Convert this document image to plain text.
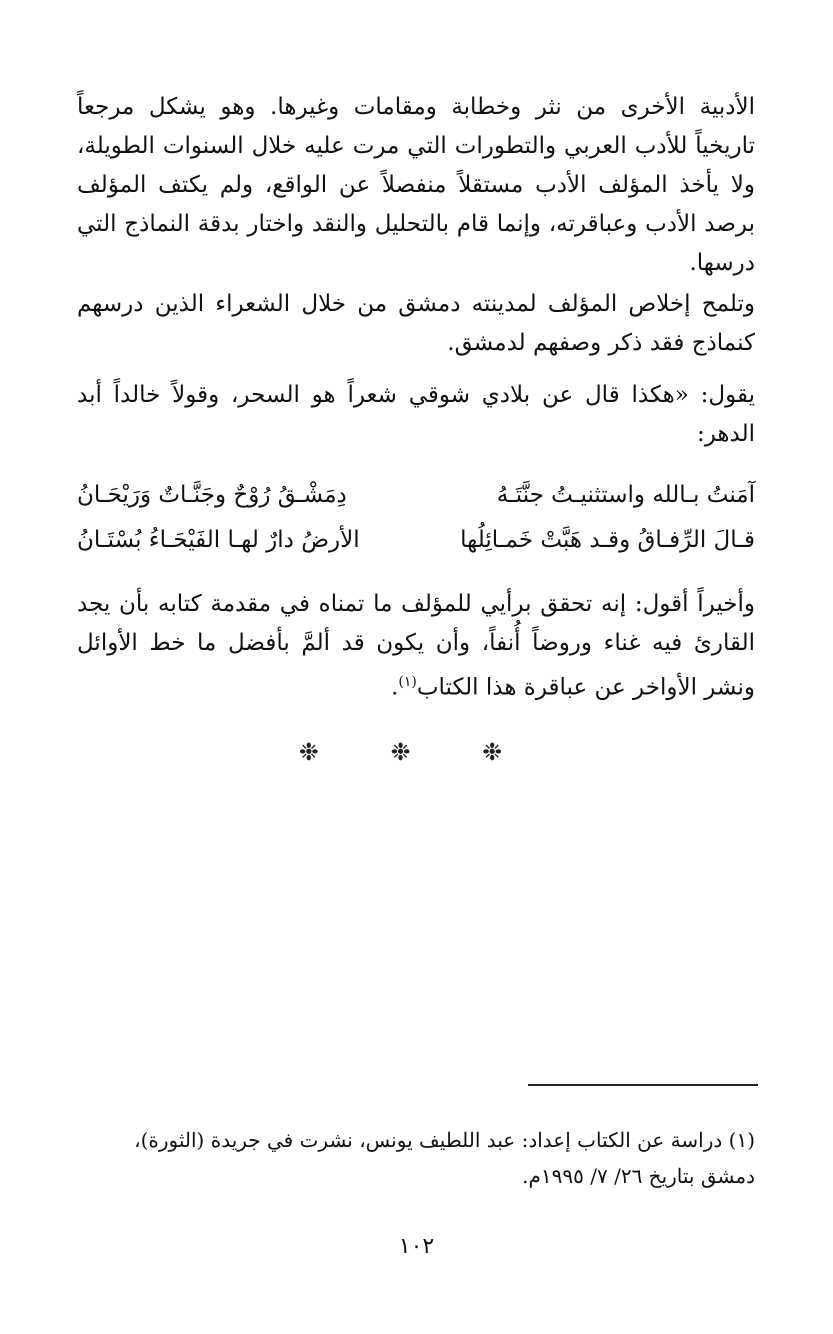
الأدبية الأخرى من نثر وخطابة ومقامات وغيرها. وهو يشكل مرجعاً تاريخياً للأدب العربي والتطورات التي مرت عليه خلال السنوات الطويلة، ولا يأخذ المؤلف الأدب مستقلاً منفصلاً عن الواقع، ولم يكتف المؤلف برصد الأدب وعباقرته، وإنما قام بالتحليل والنقد واختار بدقة النماذج التي درسها.
وتلمح إخلاص المؤلف لمدينته دمشق من خلال الشعراء الذين درسهم كنماذج فقد ذكر وصفهم لدمشق.
يقول: «هكذا قال عن بلادي شوقي شعراً هو السحر، وقولاً خالداً أبد الدهر:
آمَنتُ بـالله واستثنيـتُ جنَّتَـهُ
دِمَشْـقُ رُوْحٌ وجَنَّـاتٌ وَرَيْحَـانُ
قـالَ الرِّفـاقُ وقـد هَبَّتْ خَمـائِلُها
الأرضُ دارٌ لهـا الفَيْحَـاءُ بُسْتَـانُ
وأخيراً أقول: إنه تحقق برأيي للمؤلف ما تمناه في مقدمة كتابه بأن يجد القارئ فيه غناء وروضاً أُنفاً، وأن يكون قد ألمَّ بأفضل ما خط الأوائل ونشر الأواخر عن عباقرة هذا الكتاب$^{(١)}$.
❉ ❉ ❉
(١) دراسة عن الكتاب إعداد: عبد اللطيف يونس، نشرت في جريدة (الثورة)،
دمشق بتاريخ ٢٦/ ٧/ ١٩٩٥م.
١٠٢
